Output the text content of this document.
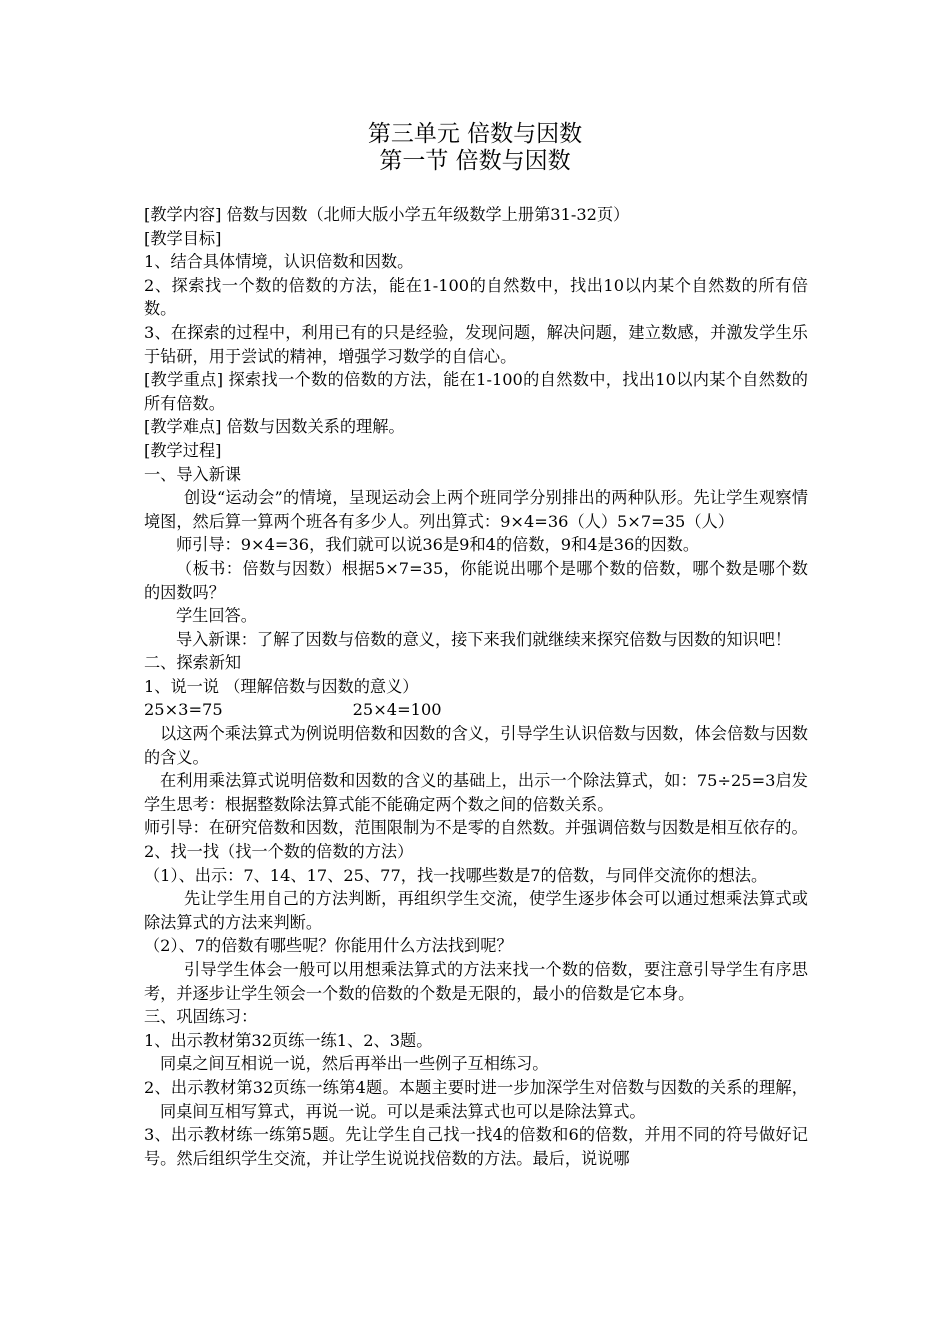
第三单元 倍数与因数
第一节 倍数与因数

[教学内容] 倍数与因数（北师大版小学五年级数学上册第31-32页）

[教学目标]

1、结合具体情境，认识倍数和因数。

2、探索找一个数的倍数的方法，能在1-100的自然数中，找出10以内某个自然数的所有倍数。

3、在探索的过程中，利用已有的只是经验，发现问题，解决问题，建立数感，并激发学生乐于钻研，用于尝试的精神，增强学习数学的自信心。

[教学重点] 探索找一个数的倍数的方法，能在1-100的自然数中，找出10以内某个自然数的所有倍数。

[教学难点] 倍数与因数关系的理解。

[教学过程]

一、导入新课

创设“运动会”的情境，呈现运动会上两个班同学分别排出的两种队形。先让学生观察情境图，然后算一算两个班各有多少人。列出算式：9×4=36（人）5×7=35（人）

师引导：9×4=36，我们就可以说36是9和4的倍数，9和4是36的因数。

（板书：倍数与因数）根据5×7=35，你能说出哪个是哪个数的倍数，哪个数是哪个数的因数吗？

学生回答。

导入新课：了解了因数与倍数的意义，接下来我们就继续来探究倍数与因数的知识吧！

二、探索新知

1、说一说 （理解倍数与因数的意义）

25×3=75	25×4=100

以这两个乘法算式为例说明倍数和因数的含义，引导学生认识倍数与因数，体会倍数与因数的含义。

在利用乘法算式说明倍数和因数的含义的基础上，出示一个除法算式，如：75÷25=3启发学生思考：根据整数除法算式能不能确定两个数之间的倍数关系。

师引导：在研究倍数和因数，范围限制为不是零的自然数。并强调倍数与因数是相互依存的。

2、找一找（找一个数的倍数的方法）

（1）、出示：7、14、17、25、77，找一找哪些数是7的倍数，与同伴交流你的想法。

先让学生用自己的方法判断，再组织学生交流，使学生逐步体会可以通过想乘法算式或除法算式的方法来判断。

（2）、7的倍数有哪些呢？你能用什么方法找到呢？

引导学生体会一般可以用想乘法算式的方法来找一个数的倍数，要注意引导学生有序思考，并逐步让学生领会一个数的倍数的个数是无限的，最小的倍数是它本身。

三、巩固练习：

1、出示教材第32页练一练1、2、3题。

同桌之间互相说一说，然后再举出一些例子互相练习。

2、出示教材第32页练一练第4题。本题主要时进一步加深学生对倍数与因数的关系的理解，同桌间互相写算式，再说一说。可以是乘法算式也可以是除法算式。

3、出示教材练一练第5题。先让学生自己找一找4的倍数和6的倍数，并用不同的符号做好记号。然后组织学生交流，并让学生说说找倍数的方法。最后，说说哪
